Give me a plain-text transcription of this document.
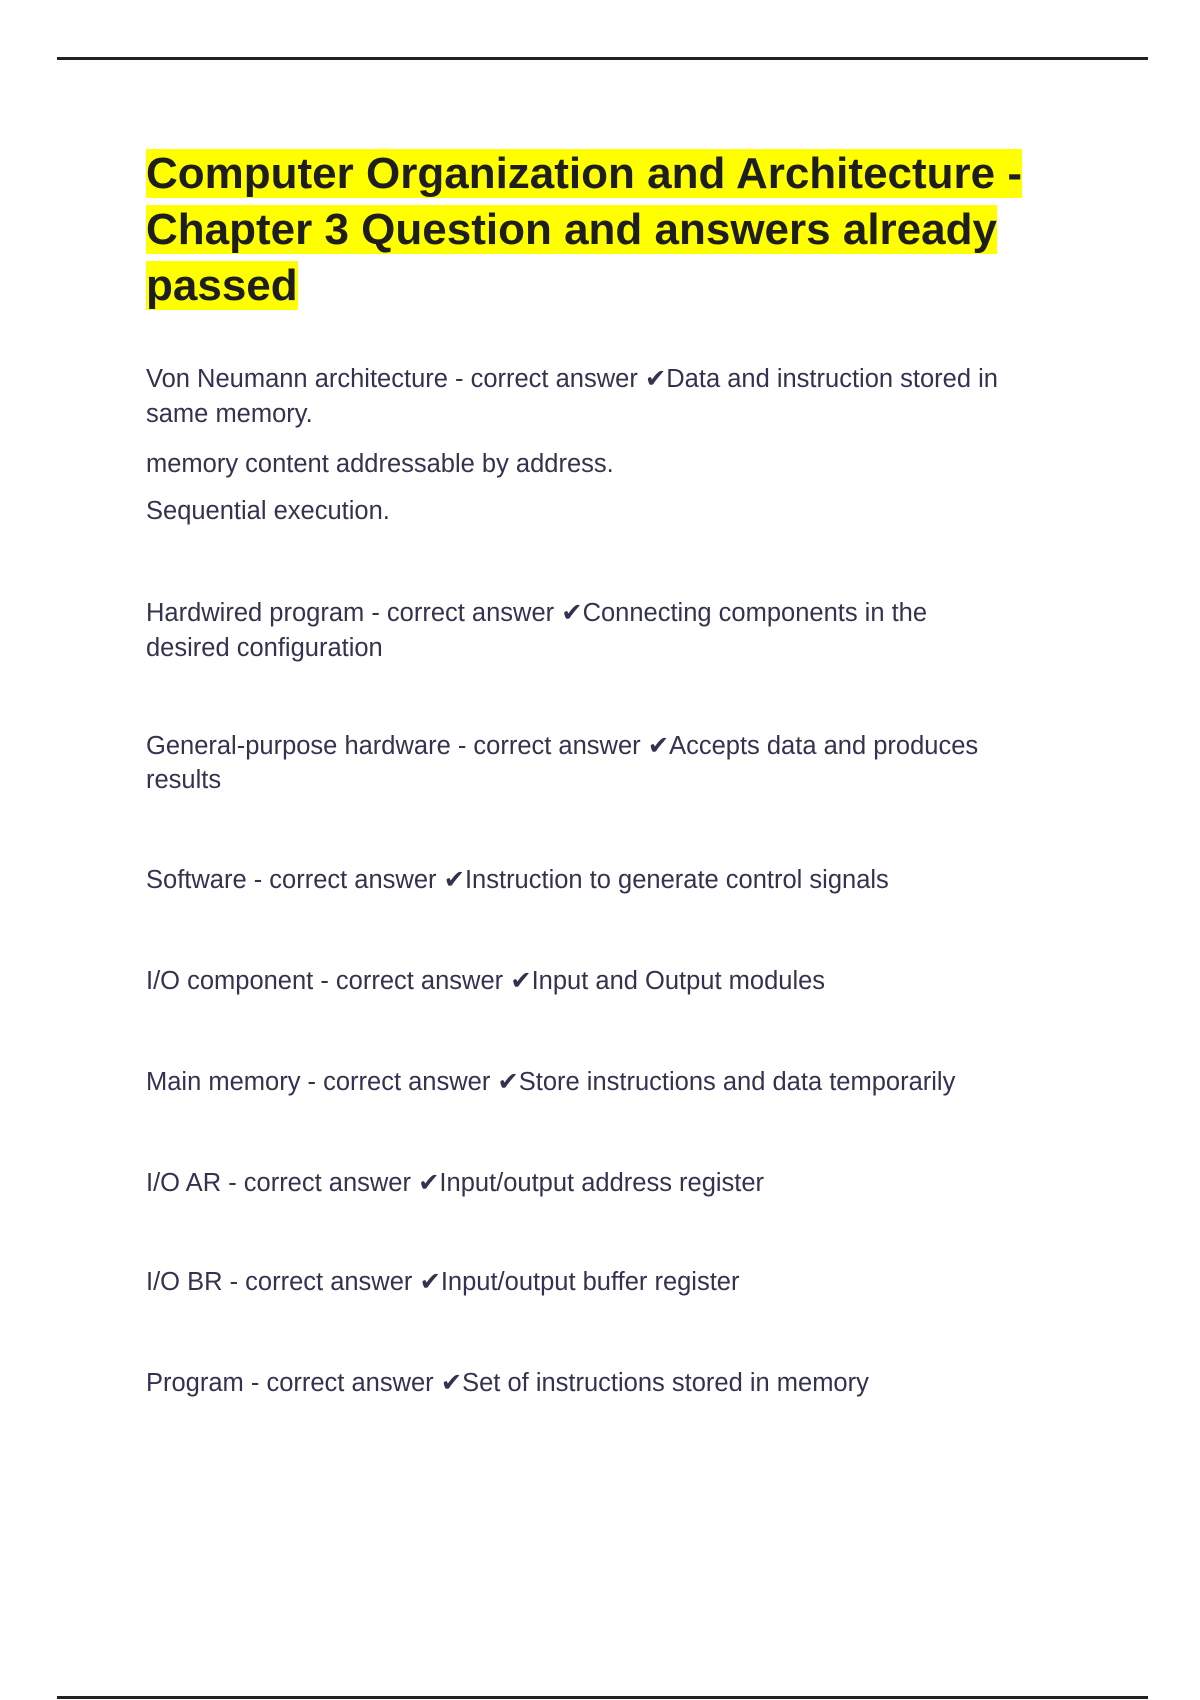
Computer Organization and Architecture - Chapter 3 Question and answers already passed
Von Neumann architecture - correct answer ✔Data and instruction stored in
same memory.
memory content addressable by address.
Sequential execution.
Hardwired program - correct answer ✔Connecting components in the
desired configuration
General-purpose hardware - correct answer ✔Accepts data and produces
results
Software - correct answer ✔Instruction to generate control signals
I/O component - correct answer ✔Input and Output modules
Main memory - correct answer ✔Store instructions and data temporarily
I/O AR - correct answer ✔Input/output address register
I/O BR - correct answer ✔Input/output buffer register
Program - correct answer ✔Set of instructions stored in memory
